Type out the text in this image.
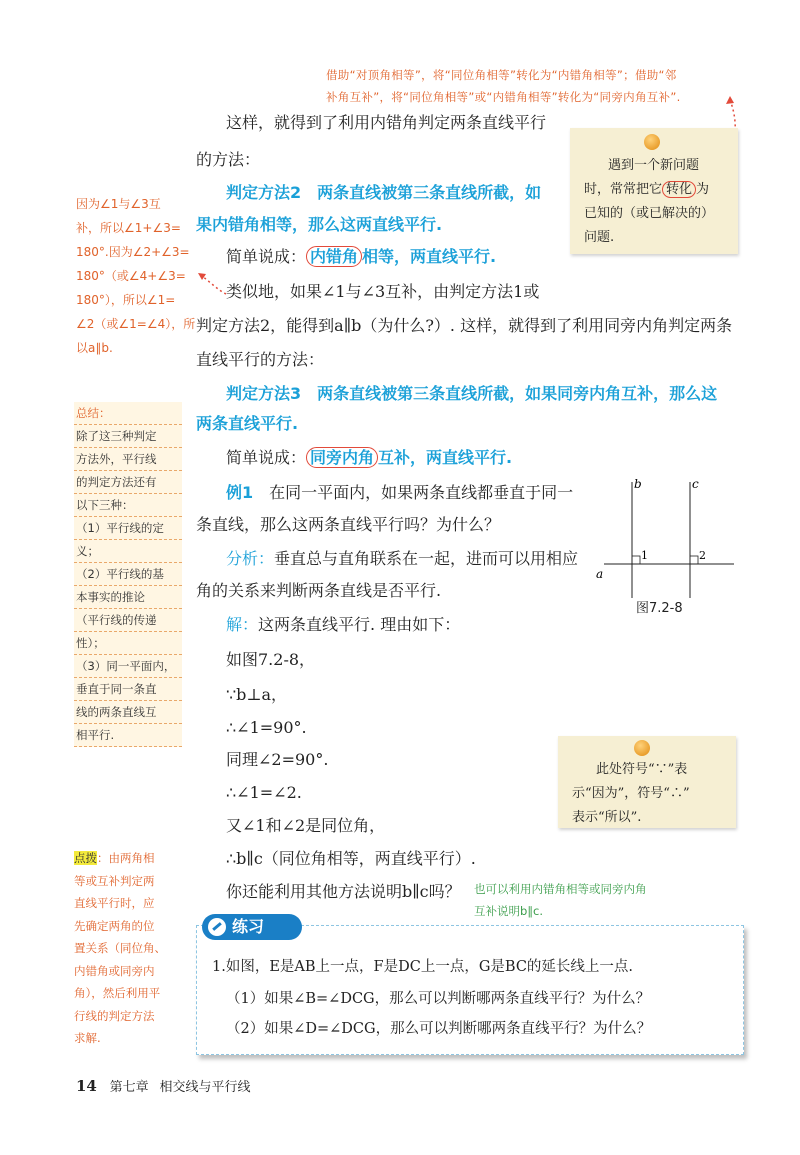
借助“对顶角相等”，将“同位角相等”转化为“内错角相等”；借助“邻
补角互补”，将“同位角相等”或“内错角相等”转化为“同旁内角互补”.
这样，就得到了利用内错角判定两条直线平行
的方法：	遇到一个新问题
时，常常把它 转化 为
已知的（或已解决的）
问题.
判定方法2　两条直线被第三条直线所截，如
果内错角相等，那么这两直线平行.
简单说成： 内错角 相等，两直线平行.
因为∠1与∠3互
补，所以∠1+∠3=
180°.因为∠2+∠3=
180°（或∠4+∠3=
180°），所以∠1=
∠2（或∠1=∠4），所
以a∥b.
类似地，如果∠1与∠3互补，由判定方法1或
判定方法2，能得到a∥b（为什么?）. 这样，就得到了利用同旁内角判定两条
直线平行的方法：
判定方法3　两条直线被第三条直线所截，如果同旁内角互补，那么这
两条直线平行.
简单说成： 同旁内角 互补，两直线平行.
总结：
除了这三种判定
方法外，平行线
的判定方法还有
以下三种：
（1）平行线的定
义；
（2）平行线的基
本事实的推论
（平行线的传递
性）；
（3）同一平面内，
垂直于同一条直
线的两条直线互
相平行.
例1　 在同一平面内，如果两条直线都垂直于同一
条直线，那么这两条直线平行吗？为什么？
分析：垂直总与直角联系在一起，进而可以用相应
角的关系来判断两条直线是否平行.
解：这两条直线平行. 理由如下：
如图7.2-8，
∵b⊥a，
∴∠1=90°.
同理∠2=90°.
∴∠1=∠2.
又∠1和∠2是同位角，
∴b∥c（同位角相等，两直线平行）.
你还能利用其他方法说明b∥c吗？
b	c
a
1	2
图7.2-8
此处符号“∵”表
示“因为”，符号“∴”
表示“所以”.
点拨：由两角相
等或互补判定两
直线平行时，应
先确定两角的位
置关系（同位角、
内错角或同旁内
角），然后利用平
行线的判定方法
求解.
也可以利用内错角相等或同旁内角
互补说明b∥c.
练习
1.如图，E是AB上一点，F是DC上一点，G是BC的延长线上一点.
（1）如果∠B=∠DCG，那么可以判断哪两条直线平行？为什么？
（2）如果∠D=∠DCG，那么可以判断哪两条直线平行？为什么？
14 第七章 相交线与平行线
